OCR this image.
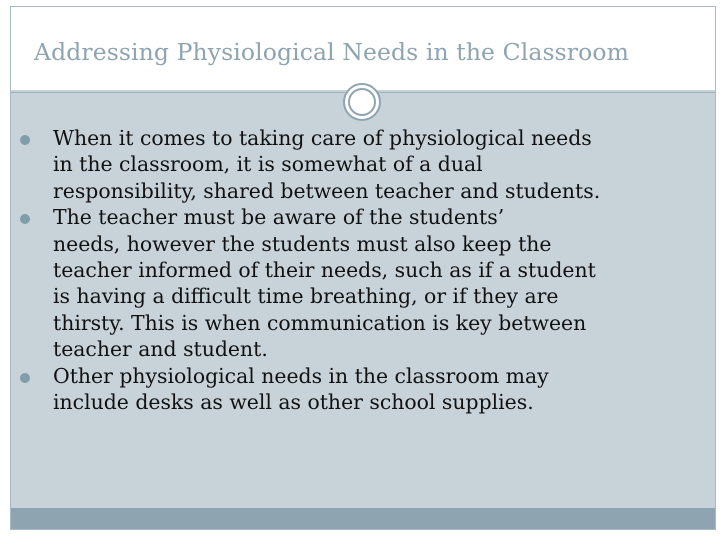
Addressing Physiological Needs in the Classroom
When it comes to taking care of physiological needs
in the classroom, it is somewhat of a dual
responsibility, shared between teacher and students.
The teacher must be aware of the students’
needs, however the students must also keep the
teacher informed of their needs, such as if a student
is having a difficult time breathing, or if they are
thirsty. This is when communication is key between
teacher and student.
Other physiological needs in the classroom may
include desks as well as other school supplies.
